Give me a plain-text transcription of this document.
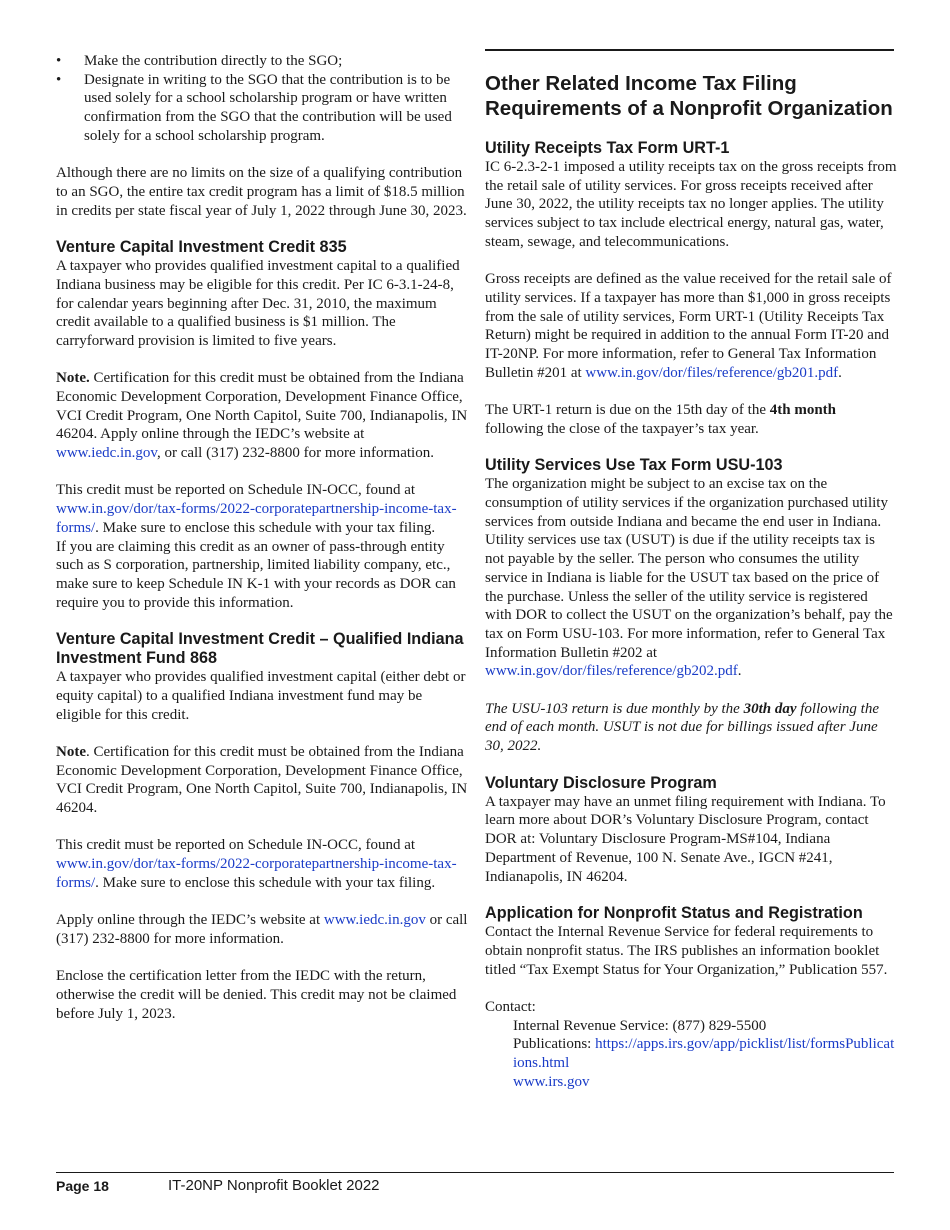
• Make the contribution directly to the SGO;
• Designate in writing to the SGO that the contribution is to be used solely for a school scholarship program or have written confirmation from the SGO that the contribution will be used solely for a school scholarship program.

Although there are no limits on the size of a qualifying contribution to an SGO, the entire tax credit program has a limit of $18.5 million in credits per state fiscal year of July 1, 2022 through June 30, 2023.

Venture Capital Investment Credit 835

A taxpayer who provides qualified investment capital to a qualified Indiana business may be eligible for this credit. Per IC 6-3.1-24-8, for calendar years beginning after Dec. 31, 2010, the maximum credit available to a qualified business is $1 million. The carryforward provision is limited to five years.

Note. Certification for this credit must be obtained from the Indiana Economic Development Corporation, Development Finance Office, VCI Credit Program, One North Capitol, Suite 700, Indianapolis, IN 46204. Apply online through the IEDC’s website at www.iedc.in.gov, or call (317) 232-8800 for more information.

This credit must be reported on Schedule IN-OCC, found at www.in.gov/dor/tax-forms/2022-corporatepartnership-income-tax-forms/. Make sure to enclose this schedule with your tax filing.

If you are claiming this credit as an owner of pass-through entity such as S corporation, partnership, limited liability company, etc., make sure to keep Schedule IN K-1 with your records as DOR can require you to provide this information.

Venture Capital Investment Credit – Qualified Indiana Investment Fund 868

A taxpayer who provides qualified investment capital (either debt or equity capital) to a qualified Indiana investment fund may be eligible for this credit.

Note. Certification for this credit must be obtained from the Indiana Economic Development Corporation, Development Finance Office, VCI Credit Program, One North Capitol, Suite 700, Indianapolis, IN 46204.

This credit must be reported on Schedule IN-OCC, found at www.in.gov/dor/tax-forms/2022-corporatepartnership-income-tax-forms/. Make sure to enclose this schedule with your tax filing.

Apply online through the IEDC’s website at www.iedc.in.gov or call (317) 232-8800 for more information.

Enclose the certification letter from the IEDC with the return, otherwise the credit will be denied. This credit may not be claimed before July 1, 2023.

Other Related Income Tax Filing Requirements of a Nonprofit Organization
Utility Receipts Tax Form URT-1

IC 6-2.3-2-1 imposed a utility receipts tax on the gross receipts from the retail sale of utility services. For gross receipts received after June 30, 2022, the utility receipts tax no longer applies. The utility services subject to tax include electrical energy, natural gas, water, steam, sewage, and telecommunications.

Gross receipts are defined as the value received for the retail sale of utility services. If a taxpayer has more than $1,000 in gross receipts from the sale of utility services, Form URT-1 (Utility Receipts Tax Return) might be required in addition to the annual Form IT-20 and IT-20NP. For more information, refer to General Tax Information Bulletin #201 at www.in.gov/dor/files/reference/gb201.pdf.

The URT-1 return is due on the 15th day of the 4th month following the close of the taxpayer’s tax year.

Utility Services Use Tax Form USU-103

The organization might be subject to an excise tax on the consumption of utility services if the organization purchased utility services from outside Indiana and became the end user in Indiana. Utility services use tax (USUT) is due if the utility receipts tax is not payable by the seller. The person who consumes the utility service in Indiana is liable for the USUT tax based on the price of the purchase. Unless the seller of the utility service is registered with DOR to collect the USUT on the organization’s behalf, pay the tax on Form USU-103. For more information, refer to General Tax Information Bulletin #202 at www.in.gov/dor/files/reference/gb202.pdf.

The USU-103 return is due monthly by the 30th day following the end of each month. USUT is not due for billings issued after June 30, 2022.

Voluntary Disclosure Program

A taxpayer may have an unmet filing requirement with Indiana. To learn more about DOR’s Voluntary Disclosure Program, contact DOR at: Voluntary Disclosure Program-MS#104, Indiana Department of Revenue, 100 N. Senate Ave., IGCN #241, Indianapolis, IN 46204.

Application for Nonprofit Status and Registration

Contact the Internal Revenue Service for federal requirements to obtain nonprofit status. The IRS publishes an information booklet titled “Tax Exempt Status for Your Organization,” Publication 557.

Contact:

Internal Revenue Service: (877) 829-5500

Publications: https://apps.irs.gov/app/picklist/list/formsPublications.html

www.irs.gov

Page 18	IT-20NP Nonprofit Booklet 2022
